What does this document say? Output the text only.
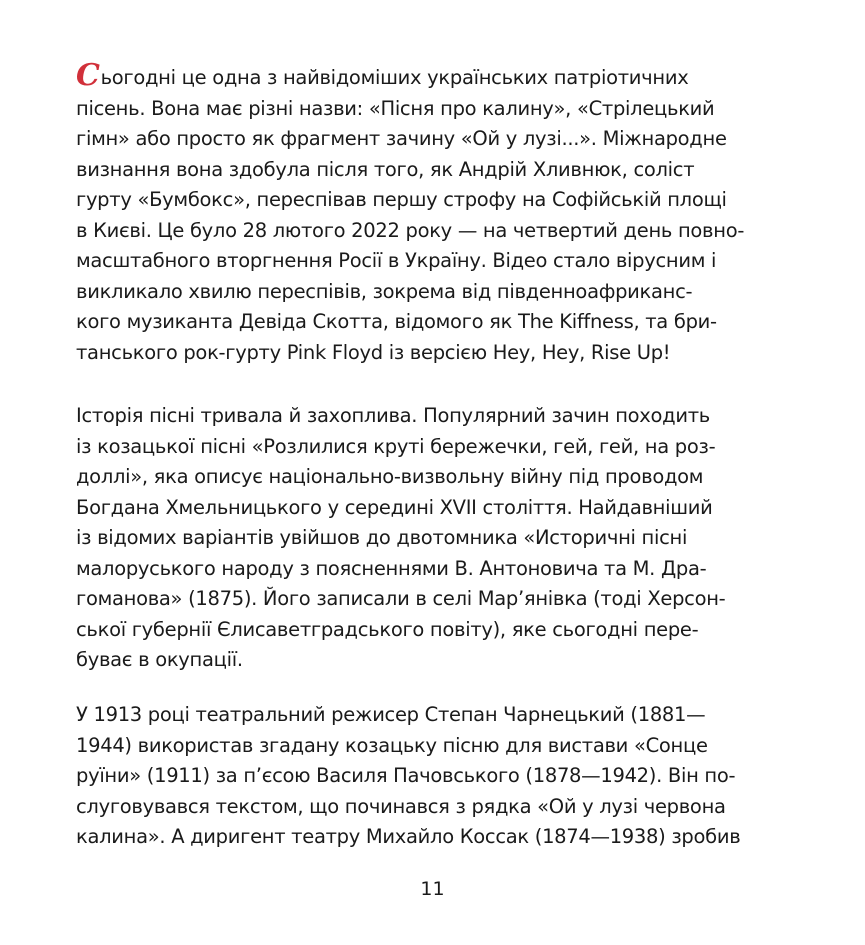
Сьогодні це одна з найвідоміших українських патріотичних
пісень. Вона має різні назви: «Пісня про калину», «Стрілецький
гімн» або просто як фрагмент зачину «Ой у лузі...». Міжнародне
визнання вона здобула після того, як Андрій Хливнюк, соліст
гурту «Бумбокс», переспівав першу строфу на Софійській площі
в Києві. Це було 28 лютого 2022 року — на четвертий день повно-
масштабного вторгнення Росії в Україну. Відео стало вірусним і
викликало хвилю переспівів, зокрема від південноафриканс-
кого музиканта Девіда Скотта, відомого як The Kiffness, та бри-
танського рок-гурту Pink Floyd із версією Hey, Hey, Rise Up!
Історія пісні тривала й захоплива. Популярний зачин походить
із козацької пісні «Розлилися круті бережечки, гей, гей, на роз-
доллі», яка описує національно-визвольну війну під проводом
Богдана Хмельницького у середині XVII століття. Найдавніший
із відомих варіантів увійшов до двотомника «Историчні пісні
малоруського народу з поясненнями В. Антоновича та М. Дра-
гоманова» (1875). Його записали в селі Мар’янівка (тоді Херсон-
ської губернії Єлисаветградського повіту), яке сьогодні пере-
буває в окупації.
У 1913 році театральний режисер Степан Чарнецький (1881—
1944) використав згадану козацьку пісню для вистави «Сонце
руїни» (1911) за п’єсою Василя Пачовського (1878—1942). Він по-
слуговувався текстом, що починався з рядка «Ой у лузі червона
калина». А диригент театру Михайло Коссак (1874—1938) зробив
11
